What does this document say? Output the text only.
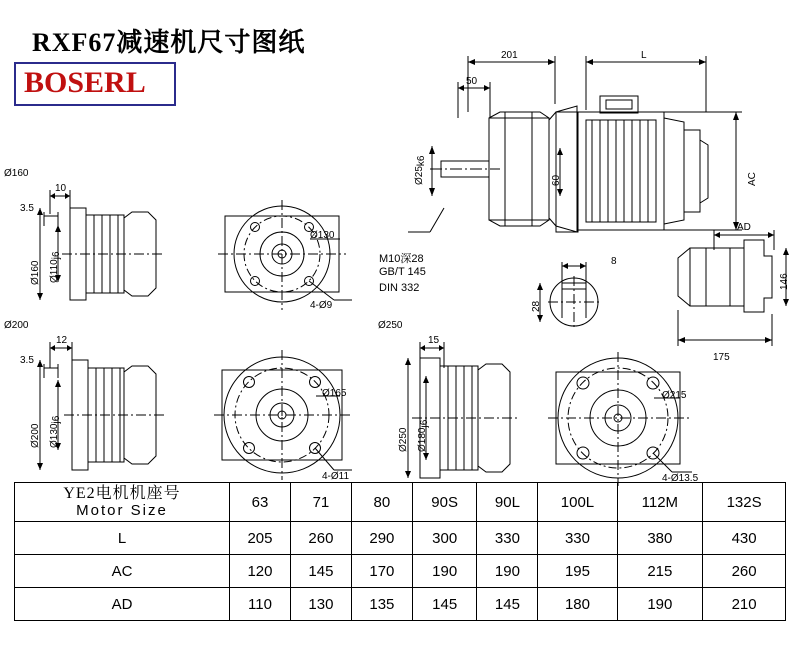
RXF67减速机尺寸图纸
BOSERL
201	L
50
Ø25k6
60	AC
M10深28
GB/T 145
DIN 332
8
28
AD
146
175
Ø160
10
3.5
Ø160 Ø110j6
Ø130
4-Ø9
Ø200
12
3.5
Ø200 Ø130j6
Ø165
4-Ø11
Ø250
15
Ø250 Ø180j6
Ø215
4-Ø13.5
YE2电机机座号
Motor Size	63	71	80	90S	90L	100L	112M	132S
L	205	260	290	300	330	330	380	430
AC	120	145	170	190	190	195	215	260
AD	110	130	135	145	145	180	190	210
